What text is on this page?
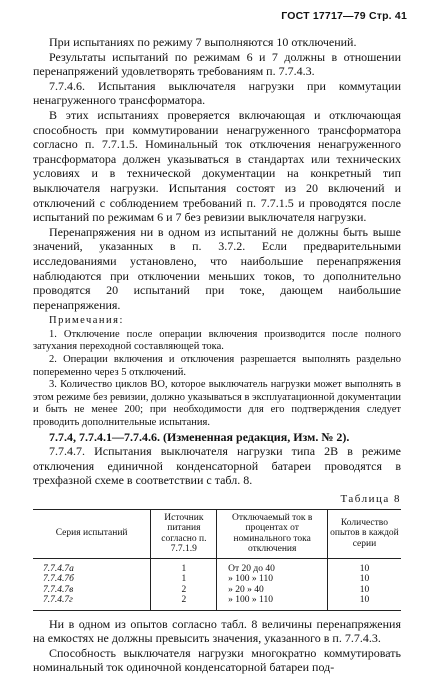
ГОСТ 17717—79 Стр. 41

При испытаниях по режиму 7 выполняются 10 отключений.

Результаты испытаний по режимам 6 и 7 должны в отношении перенапряжений удовлетворять требованиям п. 7.7.4.3.

7.7.4.6. Испытания выключателя нагрузки при коммутации ненагруженного трансформатора.

В этих испытаниях проверяется включающая и отключающая способность при коммутировании ненагруженного трансформатора согласно п. 7.7.1.5. Номинальный ток отключения ненагруженного трансформатора должен указываться в стандартах или технических условиях и в технической документации на конкретный тип выключателя нагрузки. Испытания состоят из 20 включений и отключений с соблюдением требований п. 7.7.1.5 и проводятся после испытаний по режимам 6 и 7 без ревизии выключателя нагрузки.

Перенапряжения ни в одном из испытаний не должны быть выше значений, указанных в п. 3.7.2. Если предварительными исследованиями установлено, что наибольшие перенапряжения наблюдаются при отключении меньших токов, то дополнительно проводятся 20 испытаний при токе, дающем наибольшие перенапряжения.

Примечания:

1. Отключение после операции включения производится после полного затухания переходной составляющей тока.

2. Операции включения и отключения разрешается выполнять раздельно попеременно через 5 отключений.

3. Количество циклов ВО, которое выключатель нагрузки может выполнять в этом режиме без ревизии, должно указываться в эксплуатационной документации и быть не менее 200; при необходимости для его подтверждения следует проводить дополнительные испытания.

7.7.4, 7.7.4.1—7.7.4.6. (Измененная редакция, Изм. № 2).

7.7.4.7. Испытания выключателя нагрузки типа 2В в режиме отключения единичной конденсаторной батареи проводятся в трехфазной схеме в соответствии с табл. 8.

Таблица 8
Серия испытаний	Источник питания согласно п. 7.7.1.9	Отключаемый ток в процентах от номинального тока отключения	Количество опытов в каждой серии
7.7.4.7а	1	От 20 до 40	10
7.7.4.7б	1	» 100 » 110	10
7.7.4.7в	2	» 20 » 40	10
7.7.4.7г	2	» 100 » 110	10

Ни в одном из опытов согласно табл. 8 величины перенапряжения на емкостях не должны превысить значения, указанного в п. 7.7.4.3.

Способность выключателя нагрузки многократно коммутировать номинальный ток одиночной конденсаторной батареи под-
